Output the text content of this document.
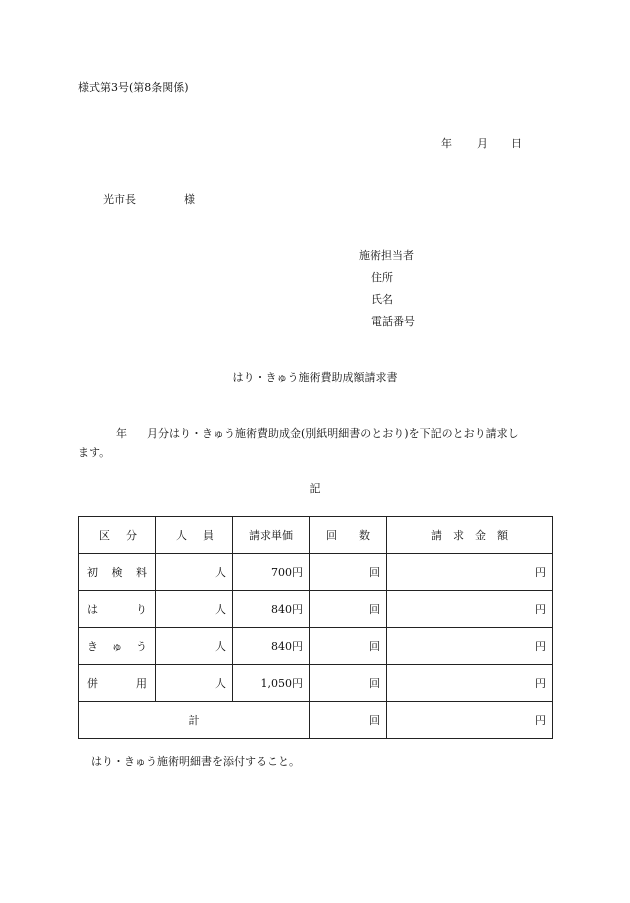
様式第3号(第8条関係)
年 月 日
光市長	様
施術担当者
住所
氏名
電話番号
はり・きゅう施術費助成額請求書
年 月分はり・きゅう施術費助成金(別紙明細書のとおり)を下記のとおり請求し
ます。
記
区 分	人 員	請求単価	回 数	請 求 金 額

初 検 料	人	700円	回	円

は り	人	840円	回	円

き ゅ う	人	840円	回	円

併 用	人	1,050円	回	円
計			回	円
はり・きゅう施術明細書を添付すること。
